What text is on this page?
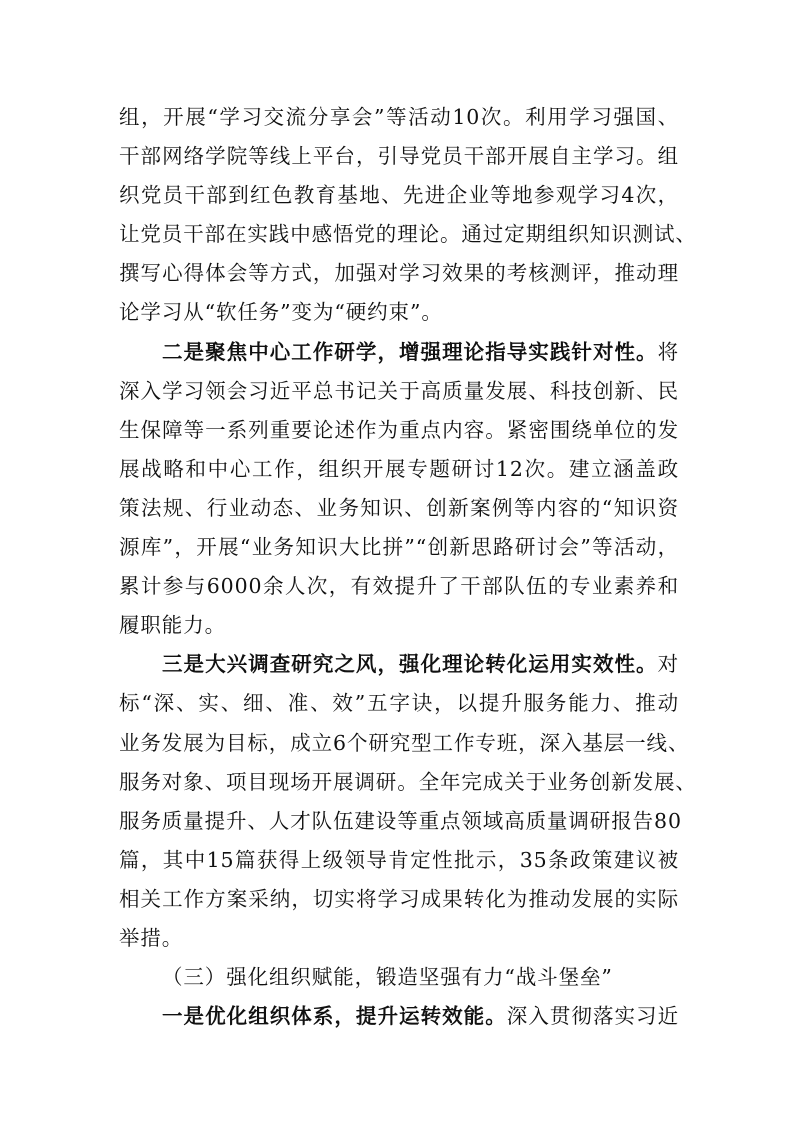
组，开展“学习交流分享会”等活动10次。利用学习强国、
干部网络学院等线上平台，引导党员干部开展自主学习。组
织党员干部到红色教育基地、先进企业等地参观学习4次，
让党员干部在实践中感悟党的理论。通过定期组织知识测试、
撰写心得体会等方式，加强对学习效果的考核测评，推动理
论学习从“软任务”变为“硬约束”。
二是聚焦中心工作研学，增强理论指导实践针对性。将
深入学习领会习近平总书记关于高质量发展、科技创新、民
生保障等一系列重要论述作为重点内容。紧密围绕单位的发
展战略和中心工作，组织开展专题研讨12次。建立涵盖政
策法规、行业动态、业务知识、创新案例等内容的“知识资
源库”，开展“业务知识大比拼”“创新思路研讨会”等活动，
累计参与6000余人次，有效提升了干部队伍的专业素养和
履职能力。
三是大兴调查研究之风，强化理论转化运用实效性。对
标“深、实、细、准、效”五字诀，以提升服务能力、推动
业务发展为目标，成立6个研究型工作专班，深入基层一线、
服务对象、项目现场开展调研。全年完成关于业务创新发展、
服务质量提升、人才队伍建设等重点领域高质量调研报告80
篇，其中15篇获得上级领导肯定性批示，35条政策建议被
相关工作方案采纳，切实将学习成果转化为推动发展的实际
举措。
（三）强化组织赋能，锻造坚强有力“战斗堡垒”
一是优化组织体系，提升运转效能。深入贯彻落实习近
